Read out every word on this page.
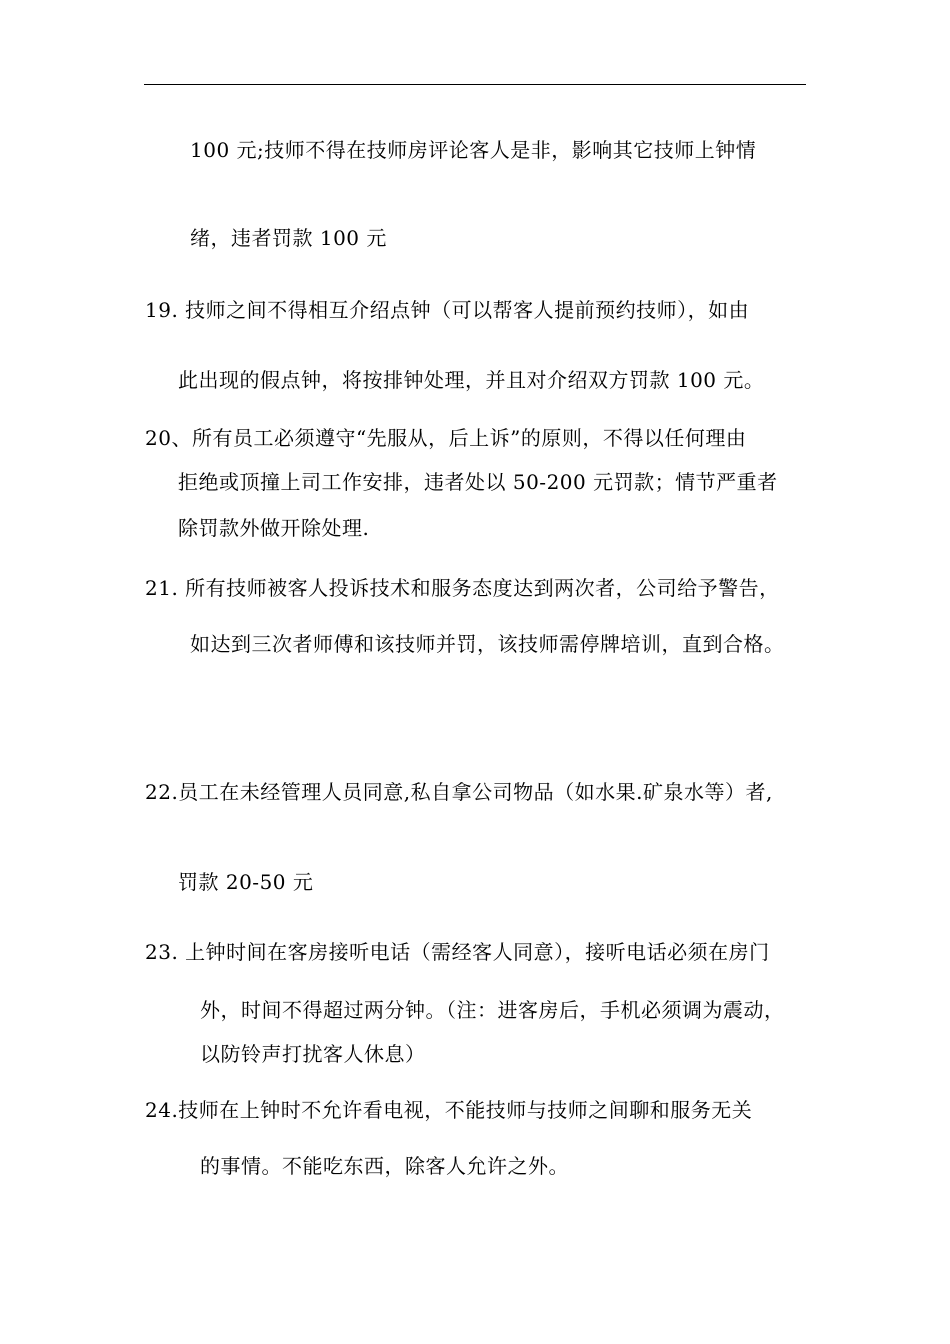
100 元;技师不得在技师房评论客人是非，影响其它技师上钟情
绪，违者罚款 100 元
19. 技师之间不得相互介绍点钟（可以帮客人提前预约技师），如由
此出现的假点钟，将按排钟处理，并且对介绍双方罚款 100 元。
20、所有员工必须遵守“先服从，后上诉”的原则，不得以任何理由
拒绝或顶撞上司工作安排，违者处以 50-200 元罚款；情节严重者
除罚款外做开除处理.
21. 所有技师被客人投诉技术和服务态度达到两次者，公司给予警告，
如达到三次者师傅和该技师并罚，该技师需停牌培训，直到合格。
22.员工在未经管理人员同意,私自拿公司物品（如水果.矿泉水等）者,
罚款 20-50 元
23. 上钟时间在客房接听电话（需经客人同意），接听电话必须在房门
外，时间不得超过两分钟。（注：进客房后，手机必须调为震动，
以防铃声打扰客人休息）
24.技师在上钟时不允许看电视，不能技师与技师之间聊和服务无关
的事情。不能吃东西，除客人允许之外。
